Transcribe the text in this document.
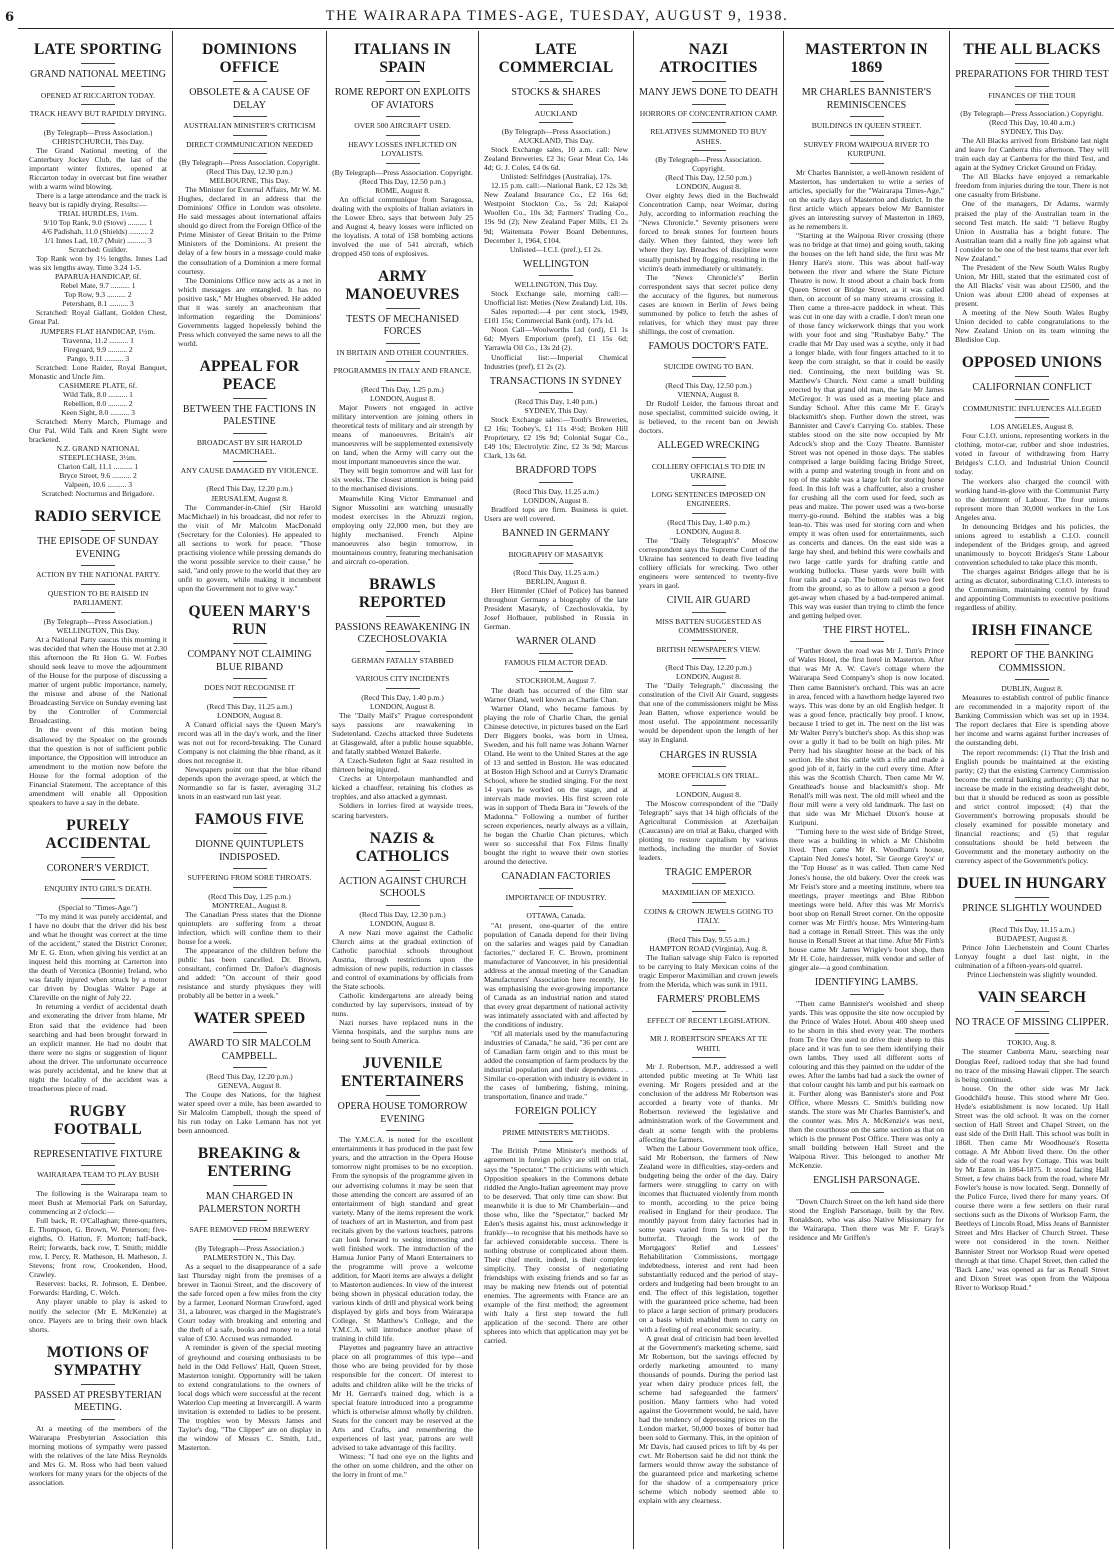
6	THE WAIRARAPA TIMES-AGE, TUESDAY, AUGUST 9, 1938.
LATE SPORTING
GRAND NATIONAL MEETING
OPENED AT RICCARTON TODAY.
TRACK HEAVY BUT RAPIDLY DRYING.

(By Telegraph—Press Association.)

CHRISTCHURCH, This Day.

The Grand National meeting of the Canterbury Jockey Club, the last of the important winter fixtures, opened at Riccarton today in overcast but fine weather with a warm wind blowing.

There is a large attendance and the track is heavy but is rapidly drying. Results:—

TRIAL HURDLES, 1½m.

9/10 Top Rank, 9.0 (Stove) .......... 1

4/6 Padishah, 11.0 (Shields) .......... 2

1/1 Innes Lad, 10.7 (Muir) .......... 3

Scratched: Guilder.

Top Rank won by 1½ lengths. Innes Lad was six lengths away. Time 3.24 1-5.

PAPARUA HANDICAP, 6f.

Rebel Mate, 9.7 .......... 1

Top Row, 9.3 .......... 2

Petersham, 8.1 .......... 3

Scratched: Royal Gallant, Golden Chest, Great Pal.

JUMPERS FLAT HANDICAP, 1½m.

Travenna, 11.2 .......... 1

Fireguard, 9.9 .......... 2

Pango, 9.11 .......... 3

Scratched: Lone Raider, Royal Banquet, Monastic and Uncle Jim.

CASHMERE PLATE, 6f.

Wild Talk, 8.0 .......... 1

Rebellion, 8.0 .......... 2

Keen Sight, 8.0 .......... 3

Scratched: Merry March, Plumage and Our Pal. Wild Talk and Keen Sight were bracketed.

N.Z. GRAND NATIONAL STEEPLECHASE, 3½m.

Clarion Call, 11.1 .......... 1

Bryce Street, 9.6 .......... 2

Valpeen, 10.6 .......... 3

Scratched: Nocturnus and Brigadore.

RADIO SERVICE
THE EPISODE OF SUNDAY EVENING
ACTION BY THE NATIONAL PARTY.
QUESTION TO BE RAISED IN PARLIAMENT.

(By Telegraph—Press Association.)

WELLINGTON, This Day.

At a National Party caucus this morning it was decided that when the House met at 2.30 this afternoon the Rt Hon G. W. Forbes should seek leave to move the adjournment of the House for the purpose of discussing a matter of urgent public importance, namely, the misuse and abuse of the National Broadcasting Service on Sunday evening last by the Controller of Commercial Broadcasting.

In the event of this motion being disallowed by the Speaker on the grounds that the question is not of sufficient public importance, the Opposition will introduce an amendment to the motion now before the House for the formal adoption of the Financial Statement. The acceptance of this amendment will enable all Opposition speakers to have a say in the debate.

PURELY ACCIDENTAL
CORONER'S VERDICT.
ENQUIRY INTO GIRL'S DEATH.

(Special to "Times-Age.")

"To my mind it was purely accidental, and I have no doubt that the driver did his best and what he thought was correct at the time of the accident," stated the District Coroner, Mr E. G. Eton, when giving his verdict at an inquest held this morning at Carterton into the death of Veronica (Bonnie) Ireland, who was fatally injured when struck by a motor car driven by Douglas Walter Page at Clareville on the night of July 22.

In returning a verdict of accidental death and exonerating the driver from blame, Mr Eton said that the evidence had been searching and had been brought forward in an explicit manner. He had no doubt that there were no signs or suggestion of liquor about the driver. The unfortunate occurrence was purely accidental, and he knew that at night the locality of the accident was a treacherous piece of road.

RUGBY FOOTBALL
REPRESENTATIVE FIXTURE
WAIRARAPA TEAM TO PLAY BUSH

The following is the Wairarapa team to meet Bush at Memorial Park on Saturday, commencing at 2 o'clock:—

Full back, R. O'Callaghan; three-quarters, E. Thompson, G. Brown, W. Peterson; five-eighths, O. Hatton, F. Morton; half-back, Reirt; forwards, back row, T. Smith; middle row, I. Percy, R. Matheson, H. Matheson, J. Stevens; front row, Crookenden, Hood, Crawley.

Reserves: backs, R. Johnson, E. Denbee. Forwards: Harding, C. Welch.

Any player unable to play is asked to notify the selector (Mr E. McKenzie) at once. Players are to bring their own black shorts.

MOTIONS OF SYMPATHY
PASSED AT PRESBYTERIAN MEETING.

At a meeting of the members of the Wairarapa Presbyterian Association this morning motions of sympathy were passed with the relatives of the late Miss Reynolds and Mrs G. M. Ross who had been valued workers for many years for the objects of the association.

DOMINIONS OFFICE
OBSOLETE & A CAUSE OF DELAY
AUSTRALIAN MINISTER'S CRITICISM
DIRECT COMMUNICATION NEEDED

(By Telegraph—Press Association. Copyright.

(Recd This Day, 12.30 p.m.)

MELBOURNE, This Day.

The Minister for External Affairs, Mr W. M. Hughes, declared in an address that the Dominions' Office in London was obsolete. He said messages about international affairs should go direct from the Foreign Office of the Prime Minister of Great Britain to the Prime Ministers of the Dominions. At present the delay of a few hours in a message could make the consultation of a Dominion a mere formal courtesy.

The Dominions Office now acts as a net in which messages are entangled. It has no positive task," Mr Hughes observed. He added that it was surely an anachronism that information regarding the Dominions' Governments lagged hopelessly behind the Press which conveyed the same news to all the world.

APPEAL FOR PEACE
BETWEEN THE FACTIONS IN PALESTINE
BROADCAST BY SIR HAROLD MACMICHAEL.
ANY CAUSE DAMAGED BY VIOLENCE.

(Recd This Day, 12.20 p.m.)

JERUSALEM, August 8.

The Commander-in-Chief (Sir Harold MacMichael) in his broadcast, did not refer to the visit of Mr Malcolm MacDonald (Secretary for the Colonies). He appealed to all sections to work for peace. "Those practising violence while pressing demands do the worst possible service to their cause," he said, "and only prove to the world that they are unfit to govern, while making it incumbent upon the Government not to give way."

QUEEN MARY'S RUN
COMPANY NOT CLAIMING BLUE RIBAND
DOES NOT RECOGNISE IT

(Recd This Day, 11.25 a.m.)

LONDON, August 8.

A Cunard official says the Queen Mary's record was all in the day's work, and the liner was not out for record-breaking. The Cunard Company is not claiming the blue riband, as it does not recognise it.

Newspapers point out that the blue riband depends upon the average speed, at which the Normandie so far is faster, averaging 31.2 knots in an eastward run last year.

FAMOUS FIVE
DIONNE QUINTUPLETS INDISPOSED.
SUFFERING FROM SORE THROATS.

(Recd This Day, 1.25 p.m.)

MONTREAL, August 8.

The Canadian Press states that the Dionne quintuplets are suffering from a throat infection, which will confine them to their house for a week.

The appearance of the children before the public has been cancelled. Dr. Brown, consultant, confirmed Dr. Dafoe's diagnosis and added: "On account of their good resistance and sturdy physiques they will probably all be better in a week."

WATER SPEED
AWARD TO SIR MALCOLM CAMPBELL.

(Recd This Day, 12.20 p.m.)

GENEVA, August 8.

The Coupe des Nations, for the highest water speed over a mile, has been awarded to Sir Malcolm Campbell, though the speed of his run today on Lake Lemann has not yet been announced.

BREAKING & ENTERING
MAN CHARGED IN PALMERSTON NORTH
SAFE REMOVED FROM BREWERY

(By Telegraph—Press Association.)

PALMERSTON N., This Day.

As a sequel to the disappearance of a safe last Thursday night from the premises of a brewer in Taonui Street, and the discovery of the safe forced open a few miles from the city by a farmer, Leonard Norman Crawford, aged 31, a labourer, was charged in the Magistrate's Court today with breaking and entering and the theft of a safe, books and money to a total value of £30. Accused was remanded.

A reminder is given of the special meeting of greyhound and coursing enthusiasts to be held in the Odd Fellows' Hall, Queen Street, Masterton tonight. Opportunity will be taken to extend congratulations to the owners of local dogs which were successful at the recent Waterloo Cup meeting at Invercargill. A warm invitation is extended to ladies to be present. The trophies won by Messrs James and Taylor's dog, "The Clipper" are on display in the window of Messrs C. Smith, Ltd., Masterton.

ITALIANS IN SPAIN
ROME REPORT ON EXPLOITS OF AVIATORS
OVER 500 AIRCRAFT USED.
HEAVY LOSSES INFLICTED ON LOYALISTS.

(By Telegraph—Press Association. Copyright.

(Recd This Day, 12.50 p.m.)

ROME, August 8.

An official communique from Saragossa, dealing with the exploits of Italian aviators in the Lower Ebro, says that between July 25 and August 4, heavy losses were inflicted on the loyalists. A total of 158 bombing actions involved the use of 541 aircraft, which dropped 450 tons of explosives.

ARMY MANOEUVRES
TESTS OF MECHANISED FORCES
IN BRITAIN AND OTHER COUNTRIES.
PROGRAMMES IN ITALY AND FRANCE.

(Recd This Day, 1.25 p.m.)

LONDON, August 8.

Major Powers not engaged in active military intervention are joining others in theoretical tests of military and air strength by means of manoeuvres. Britain's air manoeuvres will be supplemented extensively on land, when the Army will carry out the most important manoeuvres since the war.

They will begin tomorrow and will last for six weeks. The closest attention is being paid to the mechanised divisions.

Meanwhile King Victor Emmanuel and Signor Mussolini are watching unusually modest exercises in the Abruzzi region, employing only 22,000 men, but they are highly mechanised. French Alpine manoeuvres also begin tomorrow, in mountainous country, featuring mechanisation and aircraft co-operation.

BRAWLS REPORTED
PASSIONS REAWAKENING IN CZECHOSLOVAKIA
GERMAN FATALLY STABBED
VARIOUS CITY INCIDENTS

(Recd This Day, 1.40 p.m.)

LONDON, August 8.

The "Daily Mail's" Prague correspondent says passions are reawakening in Sudetenland. Czechs attacked three Sudetens at Glasgewald, after a public house squabble, and fatally stabbed Wenzel Bakerle.

A Czech-Sudeten fight at Saaz resulted in thirteen being injured.

Czechs at Unterpolaun manhandled and kicked a chauffeur, retaining his clothes as trophies, and also attacked a gymnast.

Soldiers in lorries fired at wayside trees, scaring harvesters.

NAZIS & CATHOLICS
ACTION AGAINST CHURCH SCHOOLS

(Recd This Day, 12.30 p.m.)

LONDON, August 8.

A new Nazi move against the Catholic Church aims at the gradual extinction of Catholic parochial schools throughout Austria, through restrictions upon the admission of new pupils, reduction in classes and control of examinations by officials from the State schools.

Catholic kindergartens are already being conducted by lay supervisors, instead of by nuns.

Nazi nurses have replaced nuns in the Vienna hospitals, and the surplus nuns are being sent to South America.

JUVENILE ENTERTAINERS
OPERA HOUSE TOMORROW EVENING

The Y.M.C.A. is noted for the excellent entertainments it has produced in the past few years, and the attraction in the Opera House tomorrow night promises to be no exception. From the synopsis of the programme given in our advertising columns it may be seen that those attending the concert are assured of an entertainment of high standard and great variety. Many of the items represent the work of teachers of art in Masterton, and from past recitals given by the various teachers, patrons can look forward to seeing interesting and well finished work. The introduction of the Hamua Junior Party of Maori Entertainers to the programme will prove a welcome addition, for Maori items are always a delight to Masterton audiences. In view of the interest being shown in physical education today, the various kinds of drill and physical work being displayed by girls and boys from Wairarapa College, St Matthew's College, and the Y.M.C.A. will introduce another phase of training in child life.

Playettes and pageantry have an attractive place on all programmes of this type—and those who are being provided for by those responsible for the concert. Of interest to adults and children alike will be the tricks of Mr H. Gerrard's trained dog, which is a special feature introduced into a programme which is otherwise almost wholly by children. Seats for the concert may be reserved at the Arts and Crafts, and remembering the experiences of last year, patrons are well advised to take advantage of this facility.

Witness: "I had one eye on the lights and the other on some children, and the other on the lorry in front of me."

LATE COMMERCIAL
STOCKS & SHARES
AUCKLAND

(By Telegraph—Press Association.)

AUCKLAND, This Day.

Stock Exchange sales, 10 a.m. call: New Zealand Breweries, £2 3s; Gear Meat Co, 14s 4d; G. J. Coles, £4 0s 6d.

Unlisted: Selfridges (Australia), 17s.

12.15 p.m. call:—National Bank, £2 12s 3d; New Zealand Insurance Co., £2 16s 6d; Westpoint Stockton Co., 5s 2d; Kaiapoi Woollen Co., 10s 3d; Farmers' Trading Co., 19s 9d (2); New Zealand Paper Mills, £1 2s 9d; Waitemata Power Board Debentures, December 1, 1964, £104.

Unlisted—I.C.I. (pref.), £1 2s.

WELLINGTON

WELLINGTON, This Day.

Stock Exchange sale, morning call:—Unofficial list: Meties (New Zealand) Ltd, 10s.

Sales reported:—4 per cent stock, 1949, £101 15s; Commercial Bank (ord), 17s 1d.

Noon Call—Woolworths Ltd (ord), £1 1s 6d; Myers Emporium (pref), £1 15s 6d; Yarrawla Oil Co., 13s 2d (2).

Unofficial list:—Imperial Chemical Industries (pref), £1 2s (2).

TRANSACTIONS IN SYDNEY

(Recd This Day, 1.40 p.m.)

SYDNEY, This Day.

Stock Exchange sales:—Tooth's Breweries, £2 16s; Toohey's, £1 11s 4½d; Broken Hill Proprietary, £2 19s 9d; Colonial Sugar Co., £49 10s; Electrolytic Zinc, £2 3s 9d; Marcus Clark, 13s 6d.

BRADFORD TOPS

(Recd This Day, 11.25 a.m.)

LONDON, August 8.

Bradford tops are firm. Business is quiet. Users are well covered.

BANNED IN GERMANY
BIOGRAPHY OF MASARYK

(Recd This Day, 11.25 a.m.)

BERLIN, August 8.

Herr Himmler (Chief of Police) has banned throughout Germany a biography of the late President Masaryk, of Czechoslovakia, by Josef Hofbauer, published in Russia in German.

WARNER OLAND
FAMOUS FILM ACTOR DEAD.

STOCKHOLM, August 7.

The death has occurred of the film star Warner Oland, well known as Charlie Chan.

Warner Oland, who became famous by playing the role of Charlie Chan, the genial Chinese detective, in pictures based on the Earl Derr Biggers books, was born in Umea, Sweden, and his full name was Johann Warner Oland. He went to the United States at the age of 13 and settled in Boston. He was educated at Boston High School and at Curry's Dramatic School, where he studied singing. For the next 14 years he worked on the stage, and at intervals made movies. His first screen role was in support of Theda Bara in "Jewels of the Madonna." Following a number of further screen experiences, nearly always as a villain, he began the Charlie Chan pictures, which were so successful that Fox Films finally bought the right to weave their own stories around the detective.

CANADIAN FACTORIES
IMPORTANCE OF INDUSTRY.

OTTAWA, Canada.

"At present, one-quarter of the entire population of Canada depend for their living on the salaries and wages paid by Canadian factories," declared F. C. Brown, prominent manufacturer of Vancouver, in his presidential address at the annual meeting of the Canadian Manufacturers' Association here recently. He was emphasising the ever-growing importance of Canada as an industrial nation and stated that every great department of national activity was intimately associated with and affected by the conditions of industry.

"Of all materials used by the manufacturing industries of Canada," he said, "36 per cent are of Canadian farm origin and to this must be added the consumption of farm products by the industrial population and their dependents. . . Similar co-operation with industry is evident in the cases of lumbering, fishing, mining, transportation, finance and trade."

FOREIGN POLICY
PRIME MINISTER'S METHODS.

The British Prime Minister's methods of agreement in foreign policy are still on trial, says the "Spectator." The criticisms with which Opposition speakers in the Commons debate riddled the Anglo-Italian agreement may prove to be deserved. That only time can show. But meanwhile it is due to Mr Chamberlain—and those who, like the "Spectator," backed Mr Eden's thesis against his, must acknowledge it frankly—to recognise that his methods have so far achieved considerable success. There is nothing obstruse or complicated about them. Their chief merit, indeed, is their complete simplicity. They consist of negotiating friendships with existing friends and so far as may be making new friends out of potential enemies. The agreements with France are an example of the first method; the agreement with Italy a first step toward the full application of the second. There are other spheres into which that application may yet be carried.

NAZI ATROCITIES
MANY JEWS DONE TO DEATH
HORRORS OF CONCENTRATION CAMP.
RELATIVES SUMMONED TO BUY ASHES.

(By Telegraph—Press Association. Copyright.

(Recd This Day, 12.50 p.m.)

LONDON, August 8.

Over eighty Jews died in the Buchwald Concentration Camp, near Weimar, during July, according to information reaching the "News Chronicle." Seventy prisoners were forced to break stones for fourteen hours daily. When they fainted, they were left where they lay. Breaches of discipline were usually punished by flogging, resulting in the victim's death immediately or ultimately.

The "News Chronicle's" Berlin correspondent says that secret police deny the accuracy of the figures, but numerous cases are known in Berlin of Jews being summoned by police to fetch the ashes of relatives, for which they must pay three shillings, the cost of cremation.

FAMOUS DOCTOR'S FATE.
SUICIDE OWING TO BAN.

(Recd This Day, 12.50 p.m.)

VIENNA, August 8.

Dr Rudolf Leider, the famous throat and nose specialist, committed suicide owing, it is believed, to the recent ban on Jewish doctors.

ALLEGED WRECKING
COLLIERY OFFICIALS TO DIE IN UKRAINE.
LONG SENTENCES IMPOSED ON ENGINEERS.

(Recd This Day, 1.40 p.m.)

LONDON, August 8.

The "Daily Telegraph's" Moscow correspondent says the Supreme Court of the Ukraine has sentenced to death five leading colliery officials for wrecking. Two other engineers were sentenced to twenty-five years in gaol.

CIVIL AIR GUARD
MISS BATTEN SUGGESTED AS COMMISSIONER.
BRITISH NEWSPAPER'S VIEW.

(Recd This Day, 12.20 p.m.)

LONDON, August 8.

The "Daily Telegraph," discussing the constitution of the Civil Air Guard, suggests that one of the commissioners might be Miss Jean Batten, whose experience would be most useful. The appointment necessarily would be dependent upon the length of her stay in England.

CHARGES IN RUSSIA
MORE OFFICIALS ON TRIAL.

LONDON, August 8.

The Moscow correspondent of the "Daily Telegraph" says that 14 high officials of the Agricultural Commission at Azerbaijan (Caucasus) are on trial at Baku, charged with plotting to restore capitalism by various methods, including the murder of Soviet leaders.

TRAGIC EMPEROR
MAXIMILIAN OF MEXICO.
COINS & CROWN JEWELS GOING TO ITALY.

(Recd This Day, 9.55 a.m.)

HAMPTON ROAD (Virginia), Aug. 8.

The Italian salvage ship Falco is reported to be carrying to Italy Mexican coins of the tragic Emperor Maximilian and crown jewels from the Merida, which was sunk in 1911.

FARMERS' PROBLEMS
EFFECT OF RECENT LEGISLATION.
MR J. ROBERTSON SPEAKS AT TE WHITI.

Mr J. Robertson, M.P., addressed a well attended public meeting at Te Whiti last evening. Mr Rogers presided and at the conclusion of the address Mr Robertson was accorded a hearty vote of thanks. Mr Robertson reviewed the legislative and administration work of the Government and dealt at some length with the problems affecting the farmers.

When the Labour Government took office, said Mr Robertson, the farmers of New Zealand were in difficulties, stay-orders and budgeting being the order of the day. Dairy farmers were struggling to carry on with incomes that fluctuated violently from month to month, according to the price being realised in England for their produce. The monthly payout from dairy factories had in some years varied from 5s to 10d per lb butterfat. Through the work of the Mortgagors' Relief and Lessees' Rehabilitation Commissions, mortgage indebtedness, interest and rent had been substantially reduced and the period of stay-orders and budgeting had been brought to an end. The effect of this legislation, together with the guaranteed price scheme, had been to place a large section of primary producers on a basis which enabled them to carry on with a feeling of real economic security.

A great deal of criticism had been levelled at the Government's marketing scheme, said Mr Robertson, but the savings effected by orderly marketing amounted to many thousands of pounds. During the period last year when dairy produce prices fell, the scheme had safeguarded the farmers' position. Many farmers who had voted against the Government would, he said, have had the tendency of depressing prices on the London market, 50,000 boxes of butter had been sold to Germany. This, in the opinion of Mr Davis, had caused prices to lift by 4s per cwt. Mr Robertson said he did not think the farmers would throw away the substance of the guaranteed price and marketing scheme for the shadow of a compensatory price scheme which nobody seemed able to explain with any clearness.

MASTERTON IN 1869
MR CHARLES BANNISTER'S REMINISCENCES
BUILDINGS IN QUEEN STREET.
SURVEY FROM WAIPOUA RIVER TO KURIPUNI.

Mr Charles Bannister, a well-known resident of Masterton, has undertaken to write a series of articles, specially for the "Wairarapa Times-Age," on the early days of Masterton and district. In the first article which appears below Mr Bannister gives an interesting survey of Masterton in 1869, as he remembers it.

"Starting at the Waipoua River crossing (there was no bridge at that time) and going south, taking the houses on the left hand side, the first was Mr Henry Hare's store. This was about half-way between the river and where the State Picture Theatre is now. It stood about a chain back from Queen Street or Bridge Street, as it was called then, on account of so many streams crossing it. Then came a three-acre paddock in wheat. This was cut in one day with a cradle. I don't mean one of those fancy wickerwork things that you work with your foot and sing "Rushabye Baby." The cradle that Mr Day used was a scythe, only it had a longer blade, with four fingers attached to it to keep the corn straight, so that it could be easily tied. Continuing, the next building was St. Matthew's Church. Next came a small building erected by that grand old man, the late Mr James McGregor. It was used as a meeting place and Sunday School. After this came Mr F. Gray's blacksmith's shop. Further down the street, was Bannister and Cave's Carrying Co. stables. These stables stood on the site now occupied by Mr Adcock's shop and the Cozy Theatre. Bannister Street was not opened in those days. The stables comprised a large building facing Bridge Street, with a pump and watering trough in front and on top of the stable was a large loft for storing horse feed. In this loft was a chaffcutter, also a crusher for crushing all the corn used for feed, such as peas and maize. The power used was a two-horse merry-go-round. Behind the stables was a big lean-to. This was used for storing corn and when empty it was often used for entertainments, such as concerts and dances. On the east side was a large hay shed, and behind this were cowbails and two large cattle yards for drafting cattle and working bullocks. These yards were built with four rails and a cap. The bottom rail was two feet from the ground, so as to allow a person a good get-away when chased by a bad-tempered animal. This way was easier than trying to climb the fence and getting helped over.

THE FIRST HOTEL.

"Further down the road was Mr J. Tutt's Prince of Wales Hotel, the first hotel in Masterton. After that was Mr A. W. Cave's cottage where the Wairarapa Seed Company's shop is now located. Then came Bannister's orchard. This was an acre in area, fenced with a hawthorn hedge layered two ways. This was done by an old English hedger. It was a good fence, practically boy proof. I know, because I tried to get in. The next on the list was Mr Walter Perry's butcher's shop. As this shop was over a gully it had to be built on high piles. Mr Perry had his slaughter house at the back of his section. He shot his cattle with a rifle and made a good job of it, fairly in the curl every time. After this was the Scottish Church. Then came Mr W. Greathead's house and blacksmith's shop. Mr Renall's mill was next. The old mill wheel and the flour mill were a very old landmark. The last on that side was Mr Michael Dixon's house at Kuripuni.

"Turning here to the west side of Bridge Street, there was a building in which a Mr Chisholm lived. Then came Mr R. Woodham's house, Captain Ned Jones's hotel, 'Sir George Grey's' or the 'Top House' as it was called. Then came Ned Jones's house, the old bakery. Over the creek was Mr Feist's store and a meeting institute, where tea meetings, prayer meetings and Blue Ribbon meetings were held. After this was Mr Morris's boot shop on Renall Street corner. On the opposite corner was Mr Firth's house. Mrs Wintering-ham had a cottage in Renall Street. This was the only house in Renall Street at that time. After Mr Firth's house came Mr James Wrigley's boot shop, then Mr H. Cole, hairdresser, milk vendor and seller of ginger ale—a good combination.

IDENTIFYING LAMBS.

"Then came Bannister's woolshed and sheep yards. This was opposite the site now occupied by the Prince of Wales Hotel. About 400 sheep used to be shorn in this shed every year. The mothers from Te Ore Ore used to drive their sheep to this place and it was fun to see them identifying their own lambs. They used all different sorts of colouring and this they painted on the udder of the ewes. After the lambs had had a suck the owner of that colour caught his lamb and put his earmark on it. Further along was Bannister's store and Post Office, where Messrs C. Smith's building now stands. The store was Mr Charles Bannister's, and the counter was. Mrs A. McKenzie's was next, then the courthouse on the same section as that on which is the present Post Office. There was only a small building between Hall Street and the Waipoua River. This belonged to another Mr McKenzie.

ENGLISH PARSONAGE.

"Down Church Street on the left hand side there stood the English Parsonage, built by the Rev. Ronaldson, who was also Native Missionary for the Wairarapa. Then there was Mr F. Gray's residence and Mr Griffen's

THE ALL BLACKS
PREPARATIONS FOR THIRD TEST
FINANCES OF THE TOUR

(By Telegraph—Press Association.) Copyright.

(Recd This Day, 10.40 a.m.)

SYDNEY, This Day.

The All Blacks arrived from Brisbane last night and leave for Canberra this afternoon. They will train each day at Canberra for the third Test, and again at the Sydney Cricket Ground on Friday.

The All Blacks have enjoyed a remarkable freedom from injuries during the tour. There is not one casualty from Brisbane.

One of the managers, Dr Adams, warmly praised the play of the Australian team in the second Test match. He said: "I believe Rugby Union in Australia has a bright future. The Australian team did a really fine job against what I consider to be one of the best teams that ever left New Zealand."

The President of the New South Wales Rugby Union, Mr Hill, stated that the estimated cost of the All Blacks' visit was about £2500, and the Union was about £200 ahead of expenses at present.

A meeting of the New South Wales Rugby Union decided to cable congratulations to the New Zealand Union on its team winning the Bledisloe Cup.

OPPOSED UNIONS
CALIFORNIAN CONFLICT
COMMUNISTIC INFLUENCES ALLEGED

LOS ANGELES, August 8.

Four C.I.O. unions, representing workers in the clothing, motor-car, rubber and shoe industries, voted in favour of withdrawing from Harry Bridges's C.I.O. and Industrial Union Council today.

The workers also charged the council with working hand-in-glove with the Communist Party to the detriment of Labour. The four unions represent more than 30,000 workers in the Los Angeles area.

In denouncing Bridges and his policies, the unions agreed to establish a C.I.O. council independent of the Bridges group, and agreed unanimously to boycott Bridges's State Labour convention scheduled to take place this month.

The charges against Bridges allege that he is acting as dictator, subordinating C.I.O. interests to the Communism, maintaining control by fraud and appointing Communists to executive positions regardless of ability.

IRISH FINANCE
REPORT OF THE BANKING COMMISSION.

DUBLIN, August 8.

Measures to establish control of public finance are recommended in a majority report of the Banking Commission which was set up in 1934. The report declares that Eire is spending above her income and warns against further increases of the outstanding debt.

The report recommends: (1) That the Irish and English pounds be maintained at the existing parity; (2) that the existing Currency Commission become the central banking authority; (3) that no increase be made in the existing deadweight debt, but that it should be reduced as soon as possible and strict control imposed; (4) that the Government's borrowing proposals should be closely examined for possible monetary and financial reactions; and (5) that regular consultations should be held between the Government and the monetary authority on the currency aspect of the Government's policy.

DUEL IN HUNGARY
PRINCE SLIGHTLY WOUNDED

(Recd This Day, 11.15 a.m.)

BUDAPEST, August 8.

Prince John Liechenstein and Count Charles Lonyay fought a duel last night, in the culmination of a fifteen-years-old quarrel.

Prince Liechenstein was slightly wounded.

VAIN SEARCH
NO TRACE OF MISSING CLIPPER.

TOKIO, Aug. 8.

The steamer Canberra Maru, searching near Douglas Reef, radioed today that she had found no trace of the missing Hawaii clipper. The search is being continued.

house. On the other side was Mr Jack Goodchild's house. This stood where Mr Geo. Hyde's establishment is now located. Up Hall Street was the old school. It was on the corner section of Hall Street and Chapel Street, on the east side of the Drill Hall. This school was built in 1868. Then came Mr Woodhouse's Rosetta cottage. A Mr Abbott lived there. On the other side of the road was Ivy Cottage. This was built by Mr Eaton in 1864-1875. It stood facing Hall Street, a few chains back from the road, where Mr Fowler's house is now located. Sergt. Donnelly of the Police Force, lived there for many years. Of course there were a few settlers on their rural sections such as the Dixons of Worksop Farm, the Beetleys of Lincoln Road, Miss Jeans of Bannister Street and Mrs Hacker of Church Street. These were not considered in the town. Neither Bannister Street nor Worksop Road were opened through at that time. Chapel Street, then called the 'Back Lane,' was opened as far as Renall Street and Dixon Street was open from the Waipoua River to Worksop Road."
